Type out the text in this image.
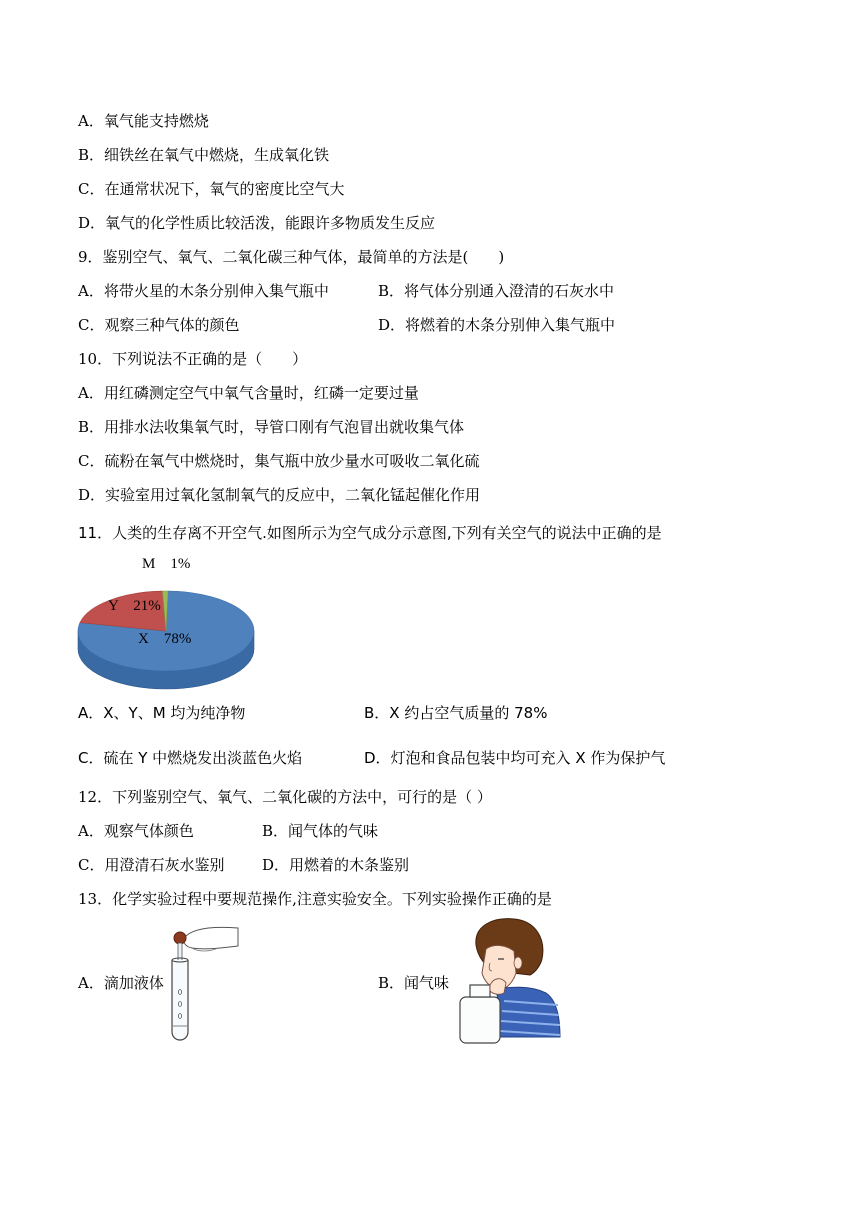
A．氧气能支持燃烧
B．细铁丝在氧气中燃烧，生成氧化铁
C．在通常状况下，氧气的密度比空气大
D．氧气的化学性质比较活泼，能跟许多物质发生反应
9．鉴别空气、氧气、二氧化碳三种气体，最简单的方法是(　　)
A．将带火星的木条分别伸入集气瓶中	B．将气体分别通入澄清的石灰水中
C．观察三种气体的颜色	D．将燃着的木条分别伸入集气瓶中
10．下列说法不正确的是（　　）
A．用红磷测定空气中氧气含量时，红磷一定要过量
B．用排水法收集氧气时，导管口刚有气泡冒出就收集气体
C．硫粉在氧气中燃烧时，集气瓶中放少量水可吸收二氧化硫
D．实验室用过氧化氢制氧气的反应中，二氧化锰起催化作用
11．人类的生存离不开空气.如图所示为空气成分示意图,下列有关空气的说法中正确的是
X　78%
Y　21%
M　1%
A．X、Y、M 均为纯净物	B．X 约占空气质量的 78%
C．硫在 Y 中燃烧发出淡蓝色火焰	D．灯泡和食品包装中均可充入 X 作为保护气
12．下列鉴别空气、氧气、二氧化碳的方法中，可行的是（ ）
A．观察气体颜色	B．闻气体的气味
C．用澄清石灰水鉴别	D．用燃着的木条鉴别
13．化学实验过程中要规范操作,注意实验安全。下列实验操作正确的是
A．滴加液体	B．闻气味
